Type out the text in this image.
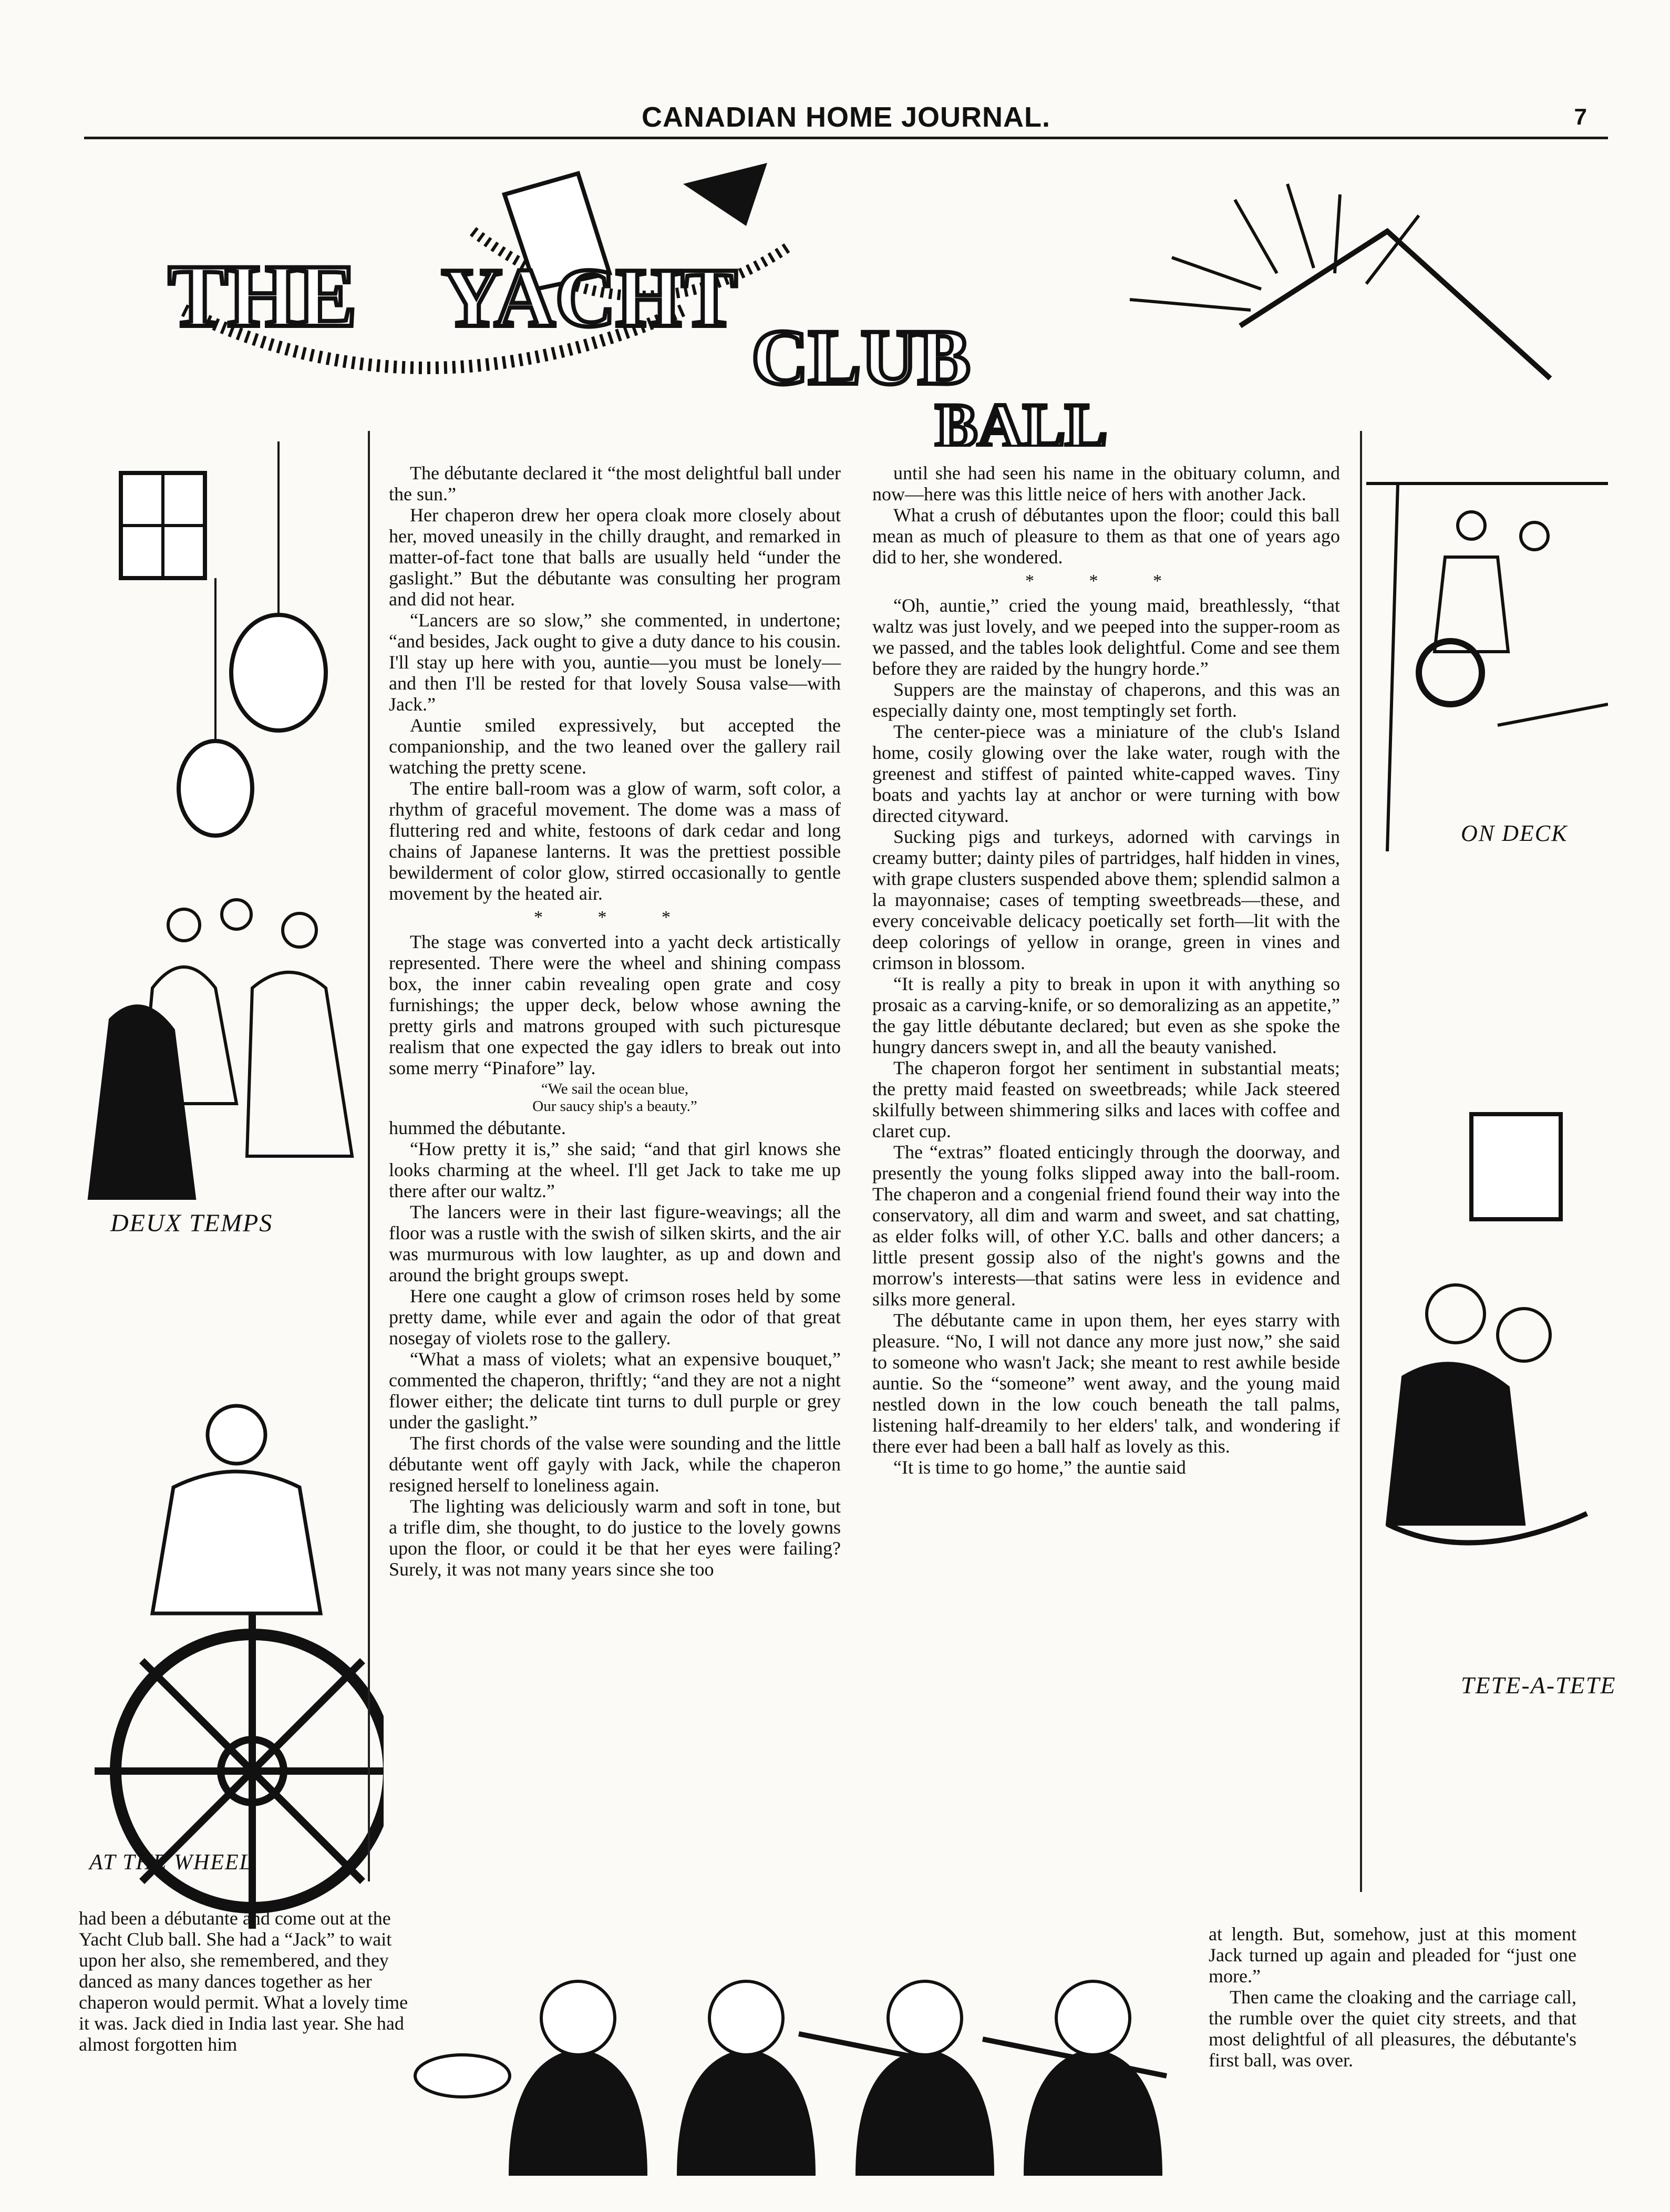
CANADIAN HOME JOURNAL.	7
THE YACHT
CLUB
BALL
DEUX TEMPS
AT THE WHEEL
ON DECK
TETE-A-TETE

The débutante declared it “the most delightful ball under the sun.”

Her chaperon drew her opera cloak more closely about her, moved uneasily in the chilly draught, and remarked in matter-of-fact tone that balls are usually held “under the gaslight.” But the débutante was consulting her program and did not hear.

“Lancers are so slow,” she commented, in undertone; “and besides, Jack ought to give a duty dance to his cousin. I'll stay up here with you, auntie—you must be lonely—and then I'll be rested for that lovely Sousa valse—with Jack.”

Auntie smiled expressively, but accepted the companionship, and the two leaned over the gallery rail watching the pretty scene.

The entire ball-room was a glow of warm, soft color, a rhythm of graceful movement. The dome was a mass of fluttering red and white, festoons of dark cedar and long chains of Japanese lanterns. It was the prettiest possible bewilderment of color glow, stirred occasionally to gentle movement by the heated air.

* * *

The stage was converted into a yacht deck artistically represented. There were the wheel and shining compass box, the inner cabin revealing open grate and cosy furnishings; the upper deck, below whose awning the pretty girls and matrons grouped with such picturesque realism that one expected the gay idlers to break out into some merry “Pinafore” lay.

“We sail the ocean blue,
Our saucy ship's a beauty.”

hummed the débutante.

“How pretty it is,” she said; “and that girl knows she looks charming at the wheel. I'll get Jack to take me up there after our waltz.”

The lancers were in their last figure-weavings; all the floor was a rustle with the swish of silken skirts, and the air was murmurous with low laughter, as up and down and around the bright groups swept.

Here one caught a glow of crimson roses held by some pretty dame, while ever and again the odor of that great nosegay of violets rose to the gallery.

“What a mass of violets; what an expensive bouquet,” commented the chaperon, thriftly; “and they are not a night flower either; the delicate tint turns to dull purple or grey under the gaslight.”

The first chords of the valse were sounding and the little débutante went off gayly with Jack, while the chaperon resigned herself to loneliness again.

The lighting was deliciously warm and soft in tone, but a trifle dim, she thought, to do justice to the lovely gowns upon the floor, or could it be that her eyes were failing? Surely, it was not many years since she too

had been a débutante and come out at the Yacht Club ball. She had a “Jack” to wait upon her also, she remembered, and they danced as many dances together as her chaperon would permit. What a lovely time it was. Jack died in India last year. She had almost forgotten him

until she had seen his name in the obituary column, and now—here was this little neice of hers with another Jack.

What a crush of débutantes upon the floor; could this ball mean as much of pleasure to them as that one of years ago did to her, she wondered.

* * *

“Oh, auntie,” cried the young maid, breathlessly, “that waltz was just lovely, and we peeped into the supper-room as we passed, and the tables look delightful. Come and see them before they are raided by the hungry horde.”

Suppers are the mainstay of chaperons, and this was an especially dainty one, most temptingly set forth.

The center-piece was a miniature of the club's Island home, cosily glowing over the lake water, rough with the greenest and stiffest of painted white-capped waves. Tiny boats and yachts lay at anchor or were turning with bow directed cityward.

Sucking pigs and turkeys, adorned with carvings in creamy butter; dainty piles of partridges, half hidden in vines, with grape clusters suspended above them; splendid salmon a la mayonnaise; cases of tempting sweetbreads—these, and every conceivable delicacy poetically set forth—lit with the deep colorings of yellow in orange, green in vines and crimson in blossom.

“It is really a pity to break in upon it with anything so prosaic as a carving-knife, or so demoralizing as an appetite,” the gay little débutante declared; but even as she spoke the hungry dancers swept in, and all the beauty vanished.

The chaperon forgot her sentiment in substantial meats; the pretty maid feasted on sweetbreads; while Jack steered skilfully between shimmering silks and laces with coffee and claret cup.

The “extras” floated enticingly through the doorway, and presently the young folks slipped away into the ball-room. The chaperon and a congenial friend found their way into the conservatory, all dim and warm and sweet, and sat chatting, as elder folks will, of other Y.C. balls and other dancers; a little present gossip also of the night's gowns and the morrow's interests—that satins were less in evidence and silks more general.

The débutante came in upon them, her eyes starry with pleasure. “No, I will not dance any more just now,” she said to someone who wasn't Jack; she meant to rest awhile beside auntie. So the “someone” went away, and the young maid nestled down in the low couch beneath the tall palms, listening half-dreamily to her elders' talk, and wondering if there ever had been a ball half as lovely as this.

“It is time to go home,” the auntie said

at length. But, somehow, just at this moment Jack turned up again and pleaded for “just one more.”

Then came the cloaking and the carriage call, the rumble over the quiet city streets, and that most delightful of all pleasures, the débutante's first ball, was over.
